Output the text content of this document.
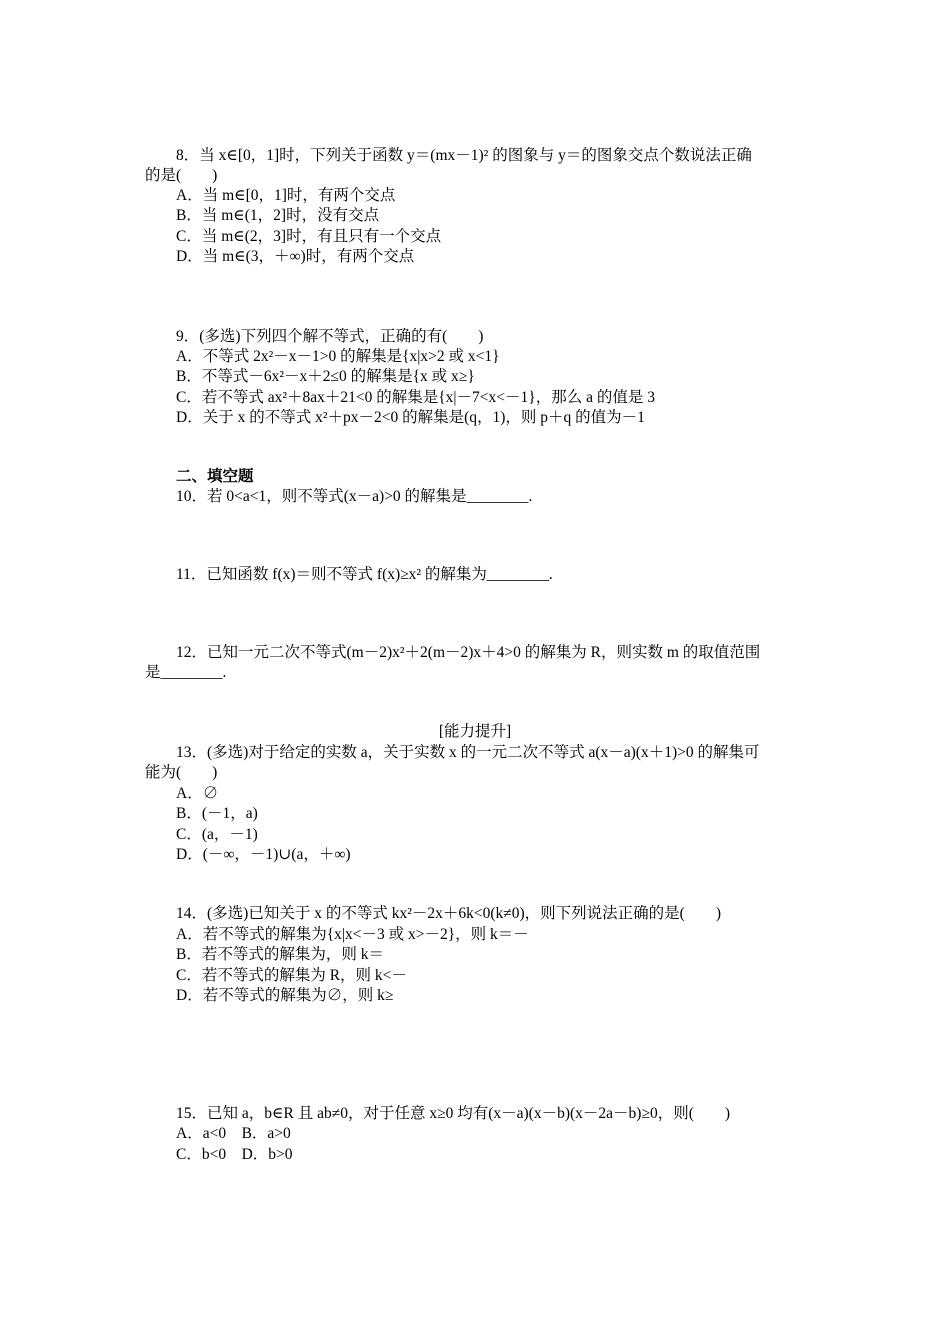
8．当 x∈[0，1]时，下列关于函数 y＝(mx－1)² 的图象与 y＝的图象交点个数说法正确
的是(　　)
A．当 m∈[0，1]时，有两个交点
B．当 m∈(1，2]时，没有交点
C．当 m∈(2，3]时，有且只有一个交点
D．当 m∈(3，＋∞)时，有两个交点
9．(多选)下列四个解不等式，正确的有(　　)
A．不等式 2x²－x－1>0 的解集是{x|x>2 或 x<1}
B．不等式－6x²－x＋2≤0 的解集是{x 或 x≥}
C．若不等式 ax²＋8ax＋21<0 的解集是{x|－7<x<－1}，那么 a 的值是 3
D．关于 x 的不等式 x²＋px－2<0 的解集是(q，1)，则 p＋q 的值为－1
二、填空题
10．若 0<a<1，则不等式(x－a)>0 的解集是________.
11．已知函数 f(x)＝则不等式 f(x)≥x² 的解集为________.
12．已知一元二次不等式(m－2)x²＋2(m－2)x＋4>0 的解集为 R，则实数 m 的取值范围
是________.
[能力提升]
13．(多选)对于给定的实数 a，关于实数 x 的一元二次不等式 a(x－a)(x＋1)>0 的解集可
能为(　　)
A．∅
B．(－1，a)
C．(a，－1)
D．(－∞，－1)∪(a，＋∞)
14．(多选)已知关于 x 的不等式 kx²－2x＋6k<0(k≠0)，则下列说法正确的是(　　)
A．若不等式的解集为{x|x<－3 或 x>－2}，则 k＝－
B．若不等式的解集为，则 k＝
C．若不等式的解集为 R，则 k<－
D．若不等式的解集为∅，则 k≥
15．已知 a，b∈R 且 ab≠0，对于任意 x≥0 均有(x－a)(x－b)(x－2a－b)≥0，则(　　)
A．a<0　B．a>0
C．b<0　D．b>0
